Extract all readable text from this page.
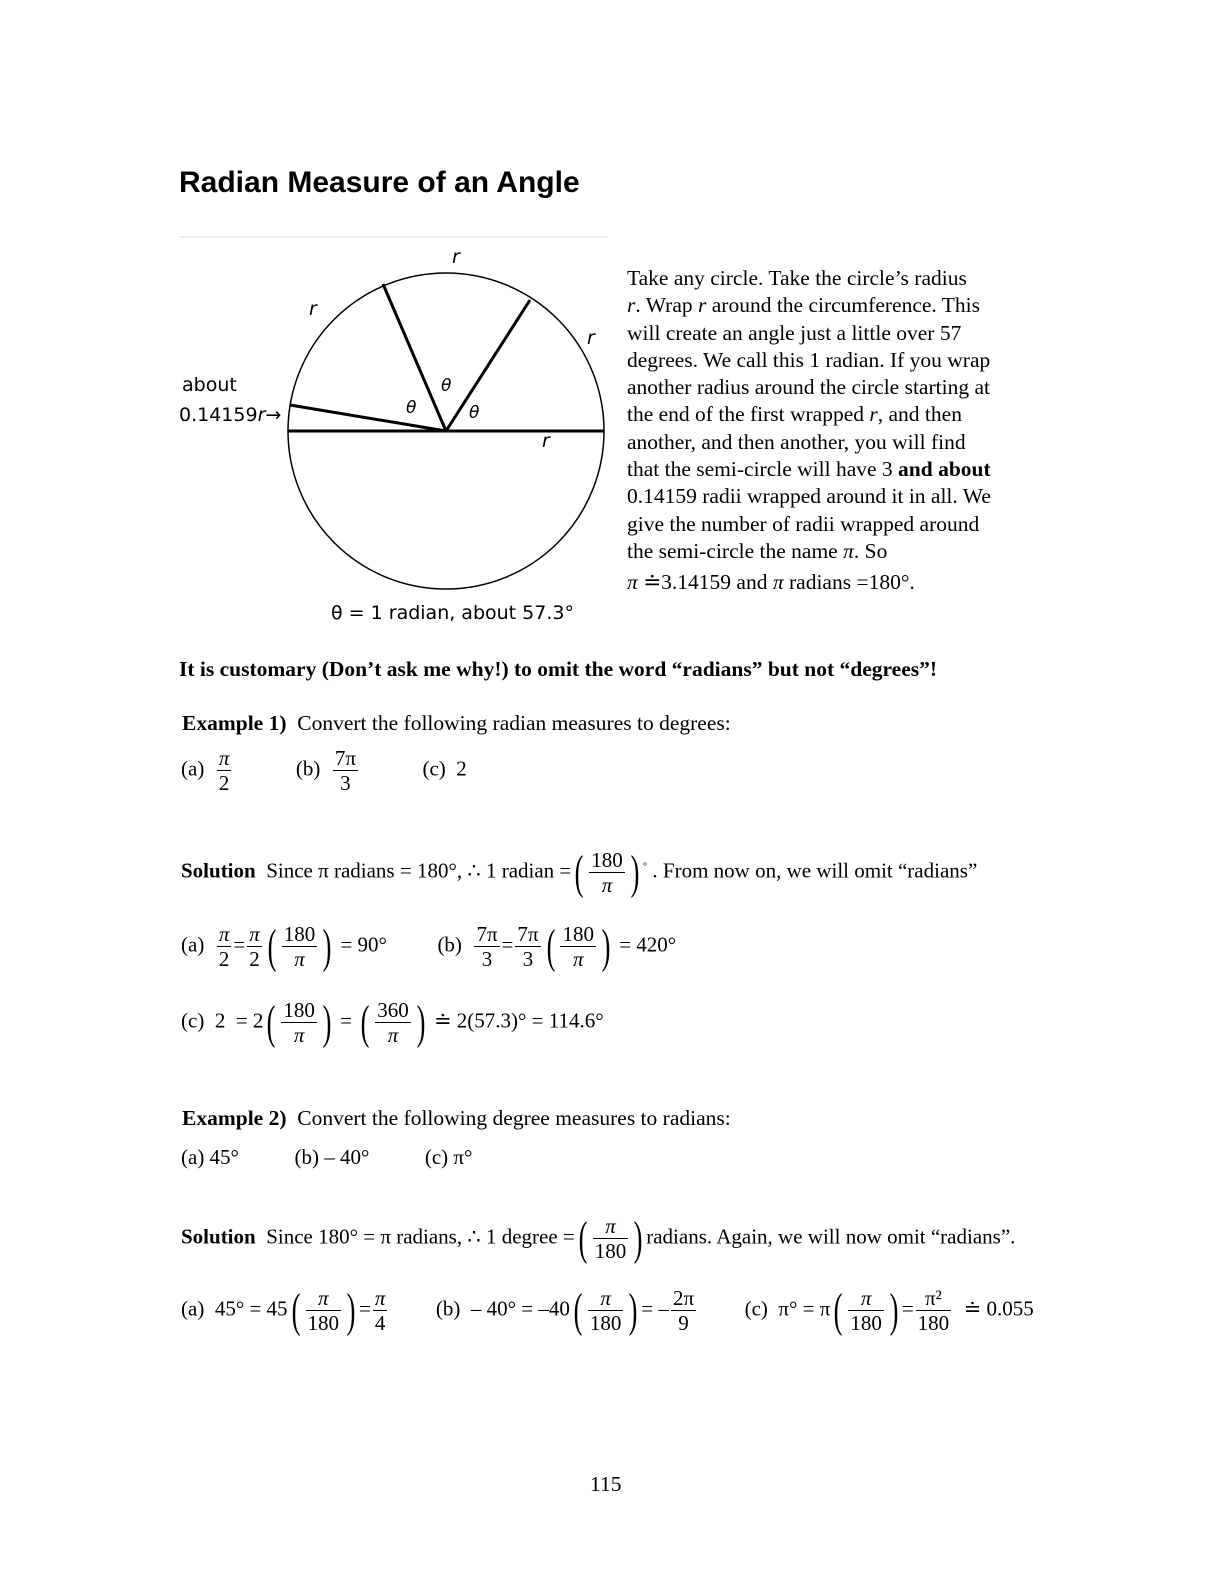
Radian Measure of an Angle
r
r
r
r
about
0.14159r→
θ
θ	θ
θ = 1 radian, about 57.3°
Take any circle. Take the circle’s radius
r. Wrap r around the circumference. This
will create an angle just a little over 57
degrees. We call this 1 radian. If you wrap
another radius around the circle starting at
the end of the first wrapped r, and then
another, and then another, you will find
that the semi-circle will have 3 and about
0.14159 radii wrapped around it in all. We
give the number of radii wrapped around
the semi-circle the name π. So
π ≐3.14159 and π radians =180°.
It is customary (Don’t ask me why!) to omit the word “radians” but not “degrees”!
Example 1) Convert the following radian measures to degrees:
$(a) \frac{\pi}{2}$	$(b) \frac{7\pi}{3}$	(c) 2
Solution Since π radians = 180°, ∴ 1 radian =( $\frac{180}{\pi}$ ) ° . From now on, we will omit “radians”
$(a) \frac{\pi}{2} = \frac{\pi}{2}$ ( $\frac{180}{\pi}$ ) = 90° $(b) \frac{7\pi}{3} = \frac{7\pi}{3}$ ( $\frac{180}{\pi}$ ) = 420°
(c) $2 = 2( \frac{180}{\pi}$ ) = ( $\frac{360}{\pi}$ ) ≐ 2(57.3)° = 114.6°
Example 2) Convert the following degree measures to radians:
(a) 45°	(b) – 40°	(c) π°
Solution Since 180° = π radians, ∴ 1 degree =( $\frac{\pi}{180}$ ) radians. Again, we will now omit “radians”.
(a) $45^\circ = 45( \frac{\pi}{180}$ ) = $\frac{\pi}{4} (b) - 40^\circ = -40( \frac{\pi}{180}$ ) = – $\frac{2\pi}{9} (c) \pi^\circ = \pi( \frac{\pi}{180}$ ) = $\frac{\text{π²}}{180}$ ≐ 0.055
115
